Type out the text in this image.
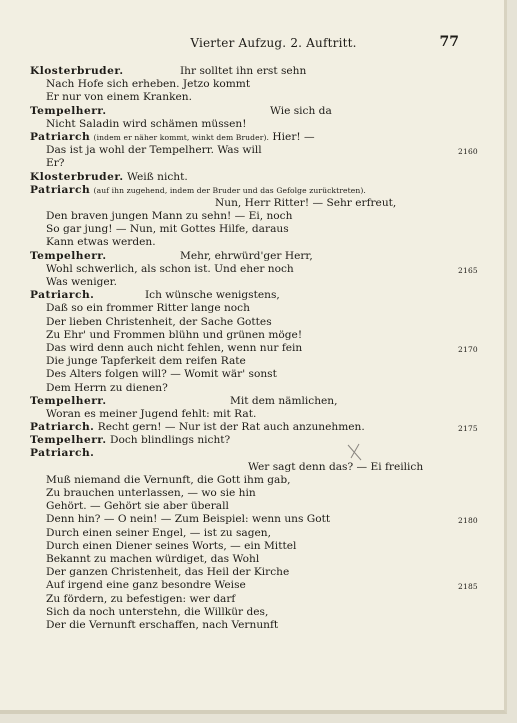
Vierter Aufzug. 2. Auftritt.	77
Klosterbruder.	Ihr solltet ihn erst sehn
Nach Hofe sich erheben. Jetzo kommt
Er nur von einem Kranken.
Tempelherr.	Wie sich da
Nicht Saladin wird schämen müssen!
Patriarch (indem er näher kommt, winkt dem Bruder). Hier! —
Das ist ja wohl der Tempelherr. Was will	2160
Er?
Klosterbruder. Weiß nicht.
Patriarch (auf ihn zugehend, indem der Bruder und das Gefolge zurücktreten).
Nun, Herr Ritter! — Sehr erfreut,
Den braven jungen Mann zu sehn! — Ei, noch
So gar jung! — Nun, mit Gottes Hilfe, daraus
Kann etwas werden.
Tempelherr.	Mehr, ehrwürd'ger Herr,
Wohl schwerlich, als schon ist. Und eher noch	2165
Was weniger.
Patriarch.	Ich wünsche wenigstens,
Daß so ein frommer Ritter lange noch
Der lieben Christenheit, der Sache Gottes
Zu Ehr' und Frommen blühn und grünen möge!
Das wird denn auch nicht fehlen, wenn nur fein	2170
Die junge Tapferkeit dem reifen Rate
Des Alters folgen will? — Womit wär' sonst
Dem Herrn zu dienen?
Tempelherr.	Mit dem nämlichen,
Woran es meiner Jugend fehlt: mit Rat.
Patriarch. Recht gern! — Nur ist der Rat auch anzunehmen.	2175
Tempelherr. Doch blindlings nicht?
Patriarch.
Wer sagt denn das? — Ei freilich
Muß niemand die Vernunft, die Gott ihm gab,
Zu brauchen unterlassen, — wo sie hin
Gehört. — Gehört sie aber überall
Denn hin? — O nein! — Zum Beispiel: wenn uns Gott	2180
Durch einen seiner Engel, — ist zu sagen,
Durch einen Diener seines Worts, — ein Mittel
Bekannt zu machen würdiget, das Wohl
Der ganzen Christenheit, das Heil der Kirche
Auf irgend eine ganz besondre Weise	2185
Zu fördern, zu befestigen: wer darf
Sich da noch unterstehn, die Willkür des,
Der die Vernunft erschaffen, nach Vernunft
